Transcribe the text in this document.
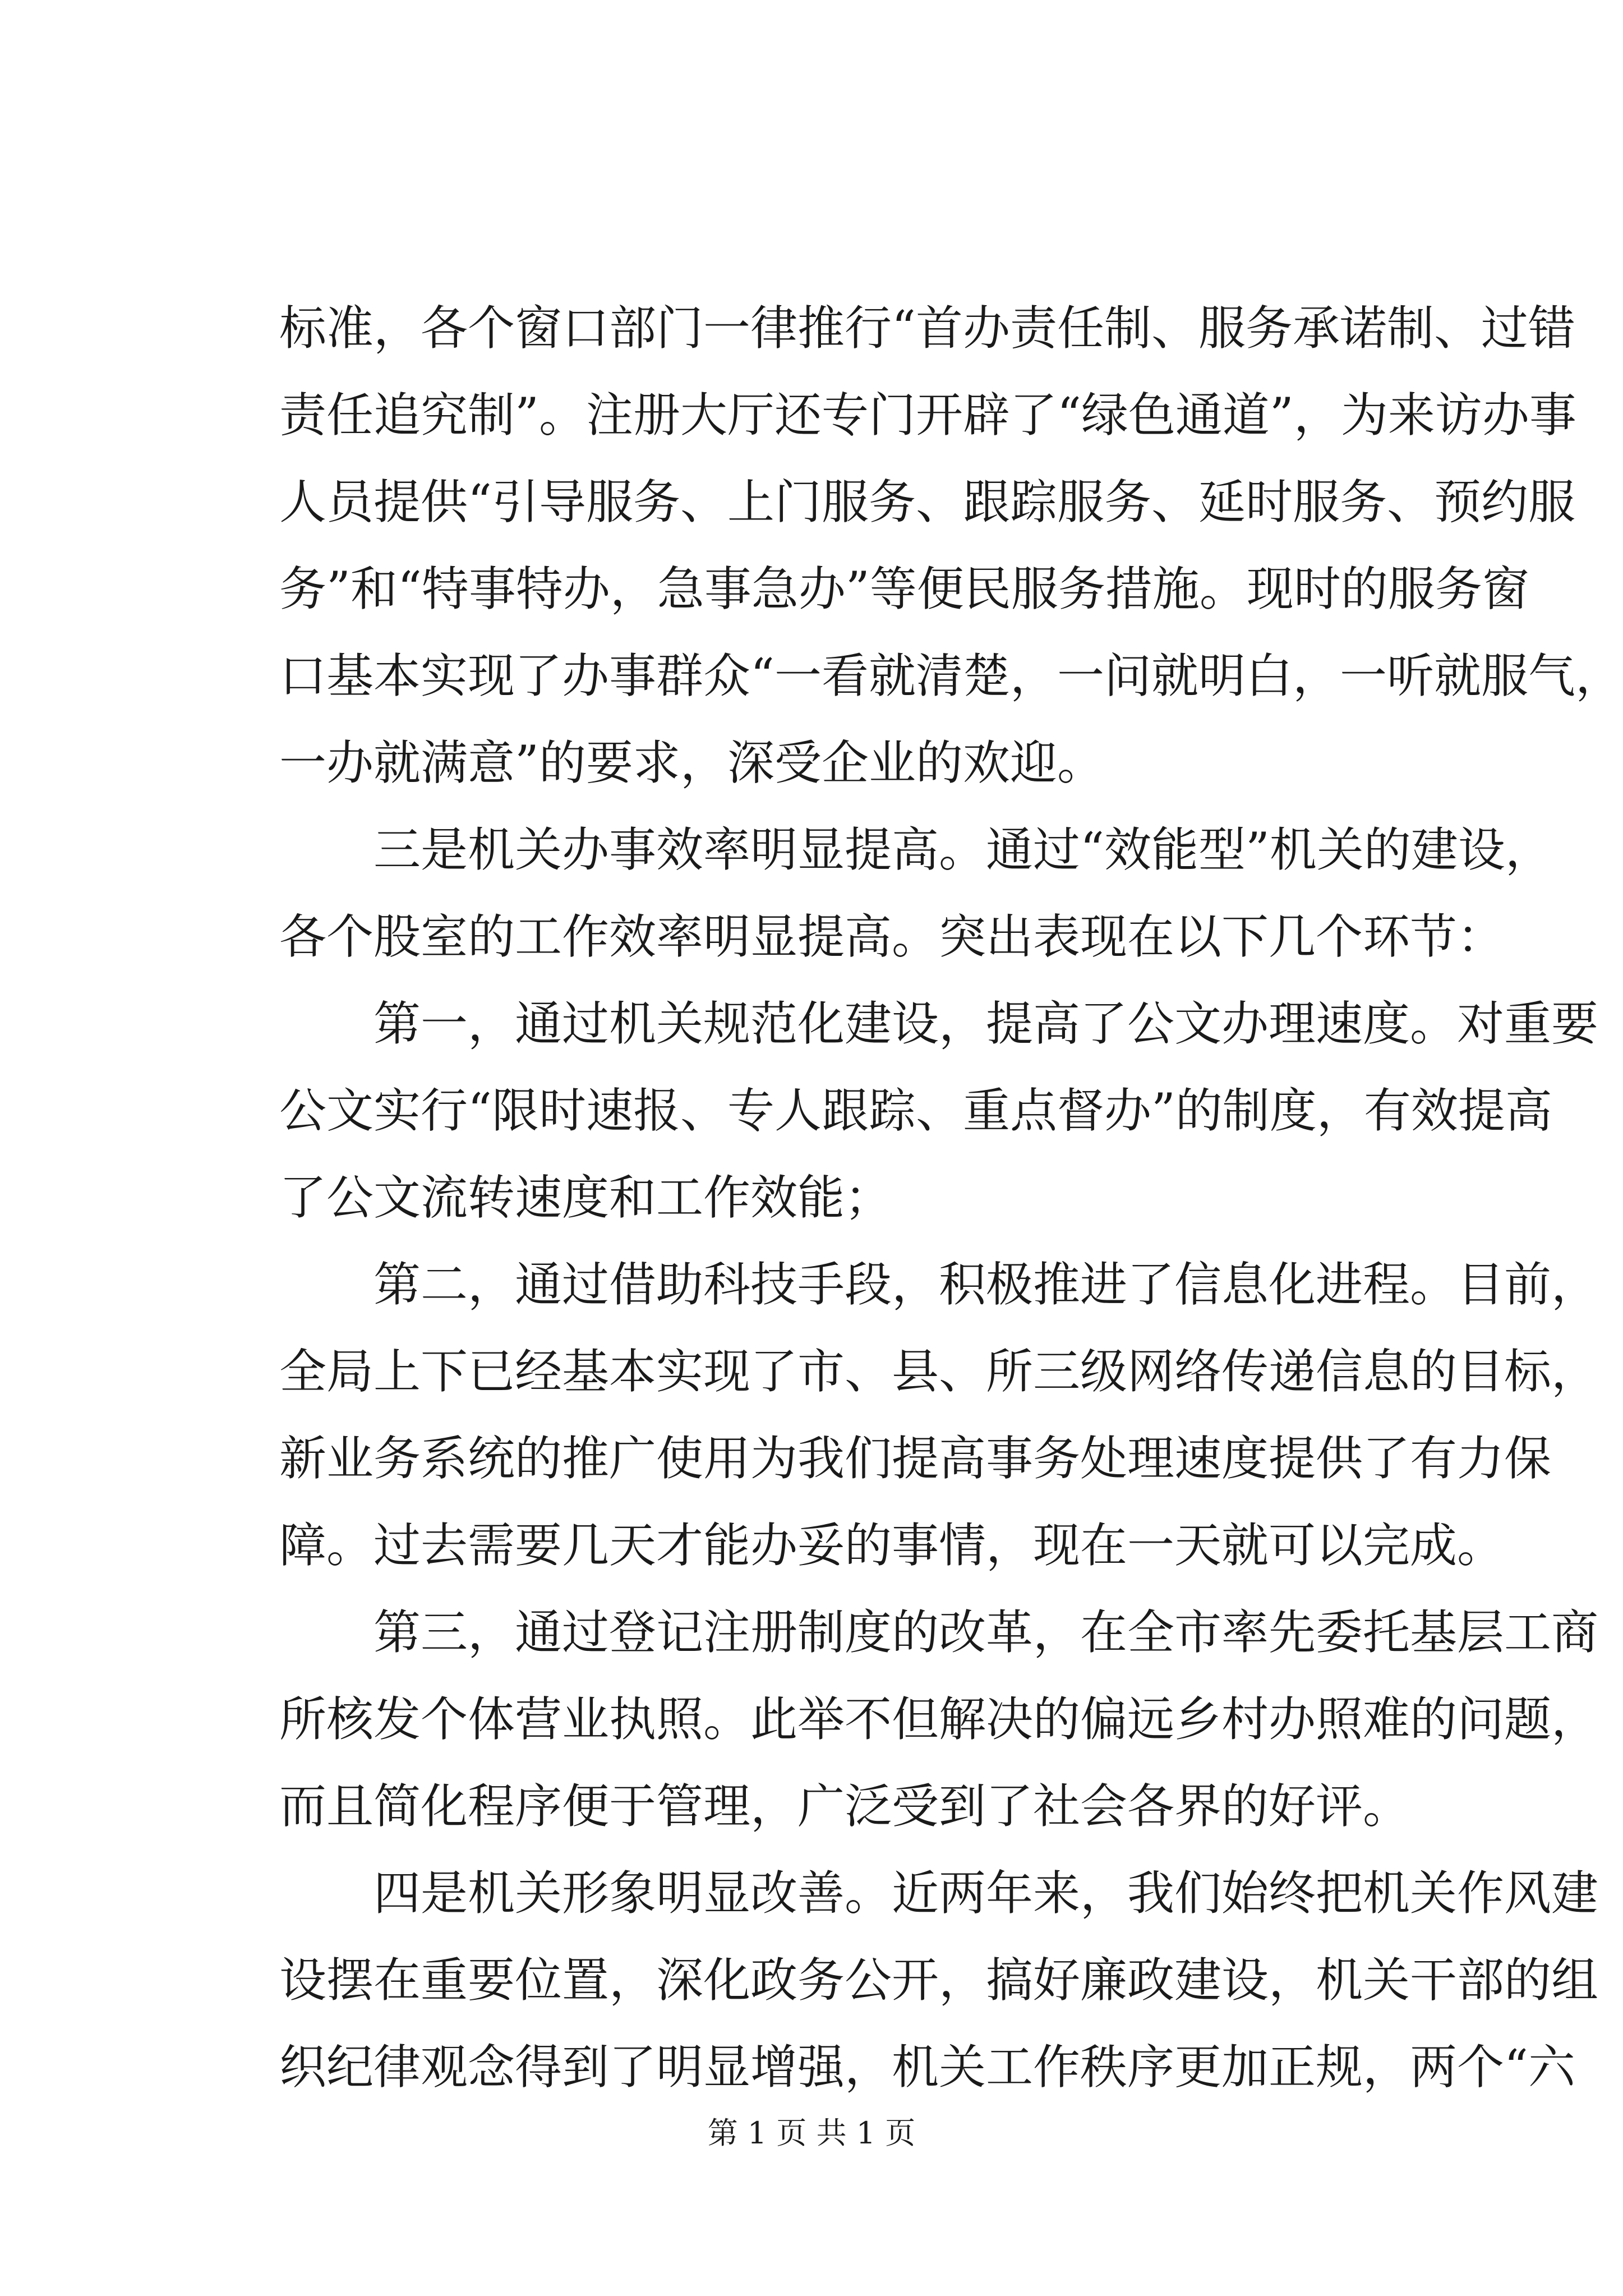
标准，各个窗口部门一律推行“首办责任制、服务承诺制、过错
责任追究制”。注册大厅还专门开辟了“绿色通道”，为来访办事
人员提供“引导服务、上门服务、跟踪服务、延时服务、预约服
务”和“特事特办，急事急办”等便民服务措施。现时的服务窗
口基本实现了办事群众“一看就清楚，一问就明白，一听就服气，
一办就满意”的要求，深受企业的欢迎。
　　三是机关办事效率明显提高。通过“效能型”机关的建设，
各个股室的工作效率明显提高。突出表现在以下几个环节：
　　第一，通过机关规范化建设，提高了公文办理速度。对重要
公文实行“限时速报、专人跟踪、重点督办”的制度，有效提高
了公文流转速度和工作效能；
　　第二，通过借助科技手段，积极推进了信息化进程。目前，
全局上下已经基本实现了市、县、所三级网络传递信息的目标，
新业务系统的推广使用为我们提高事务处理速度提供了有力保
障。过去需要几天才能办妥的事情，现在一天就可以完成。
　　第三，通过登记注册制度的改革，在全市率先委托基层工商
所核发个体营业执照。此举不但解决的偏远乡村办照难的问题，
而且简化程序便于管理，广泛受到了社会各界的好评。
　　四是机关形象明显改善。近两年来，我们始终把机关作风建
设摆在重要位置，深化政务公开，搞好廉政建设，机关干部的组
织纪律观念得到了明显增强，机关工作秩序更加正规，两个“六
第 1 页 共 1 页
